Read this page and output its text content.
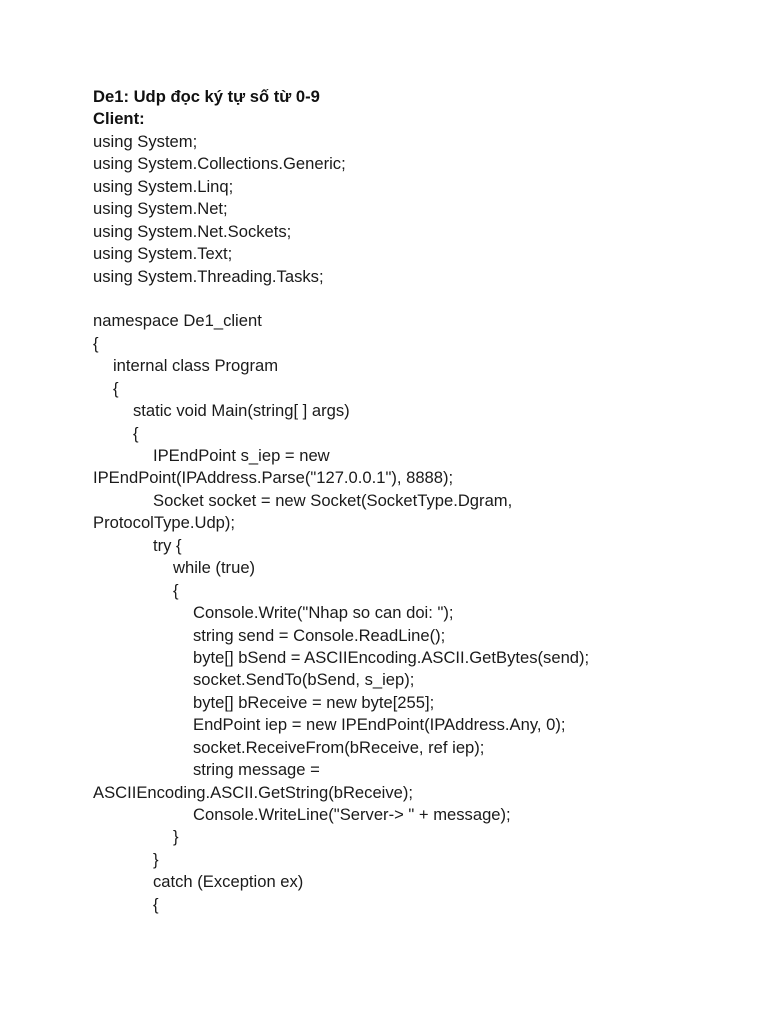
De1: Udp đọc ký tự số từ 0-9
Client:
using System;
using System.Collections.Generic;
using System.Linq;
using System.Net;
using System.Net.Sockets;
using System.Text;
using System.Threading.Tasks;
namespace De1_client
{
internal class Program
{
static void Main(string[ ] args)
{
IPEndPoint s_iep = new
IPEndPoint(IPAddress.Parse("127.0.0.1"), 8888);
Socket socket = new Socket(SocketType.Dgram,
ProtocolType.Udp);
try {
while (true)
{
Console.Write("Nhap so can doi: ");
string send = Console.ReadLine();
byte[] bSend = ASCIIEncoding.ASCII.GetBytes(send);
socket.SendTo(bSend, s_iep);
byte[] bReceive = new byte[255];
EndPoint iep = new IPEndPoint(IPAddress.Any, 0);
socket.ReceiveFrom(bReceive, ref iep);
string message =
ASCIIEncoding.ASCII.GetString(bReceive);
Console.WriteLine("Server-> " + message);
}
}
catch (Exception ex)
{
